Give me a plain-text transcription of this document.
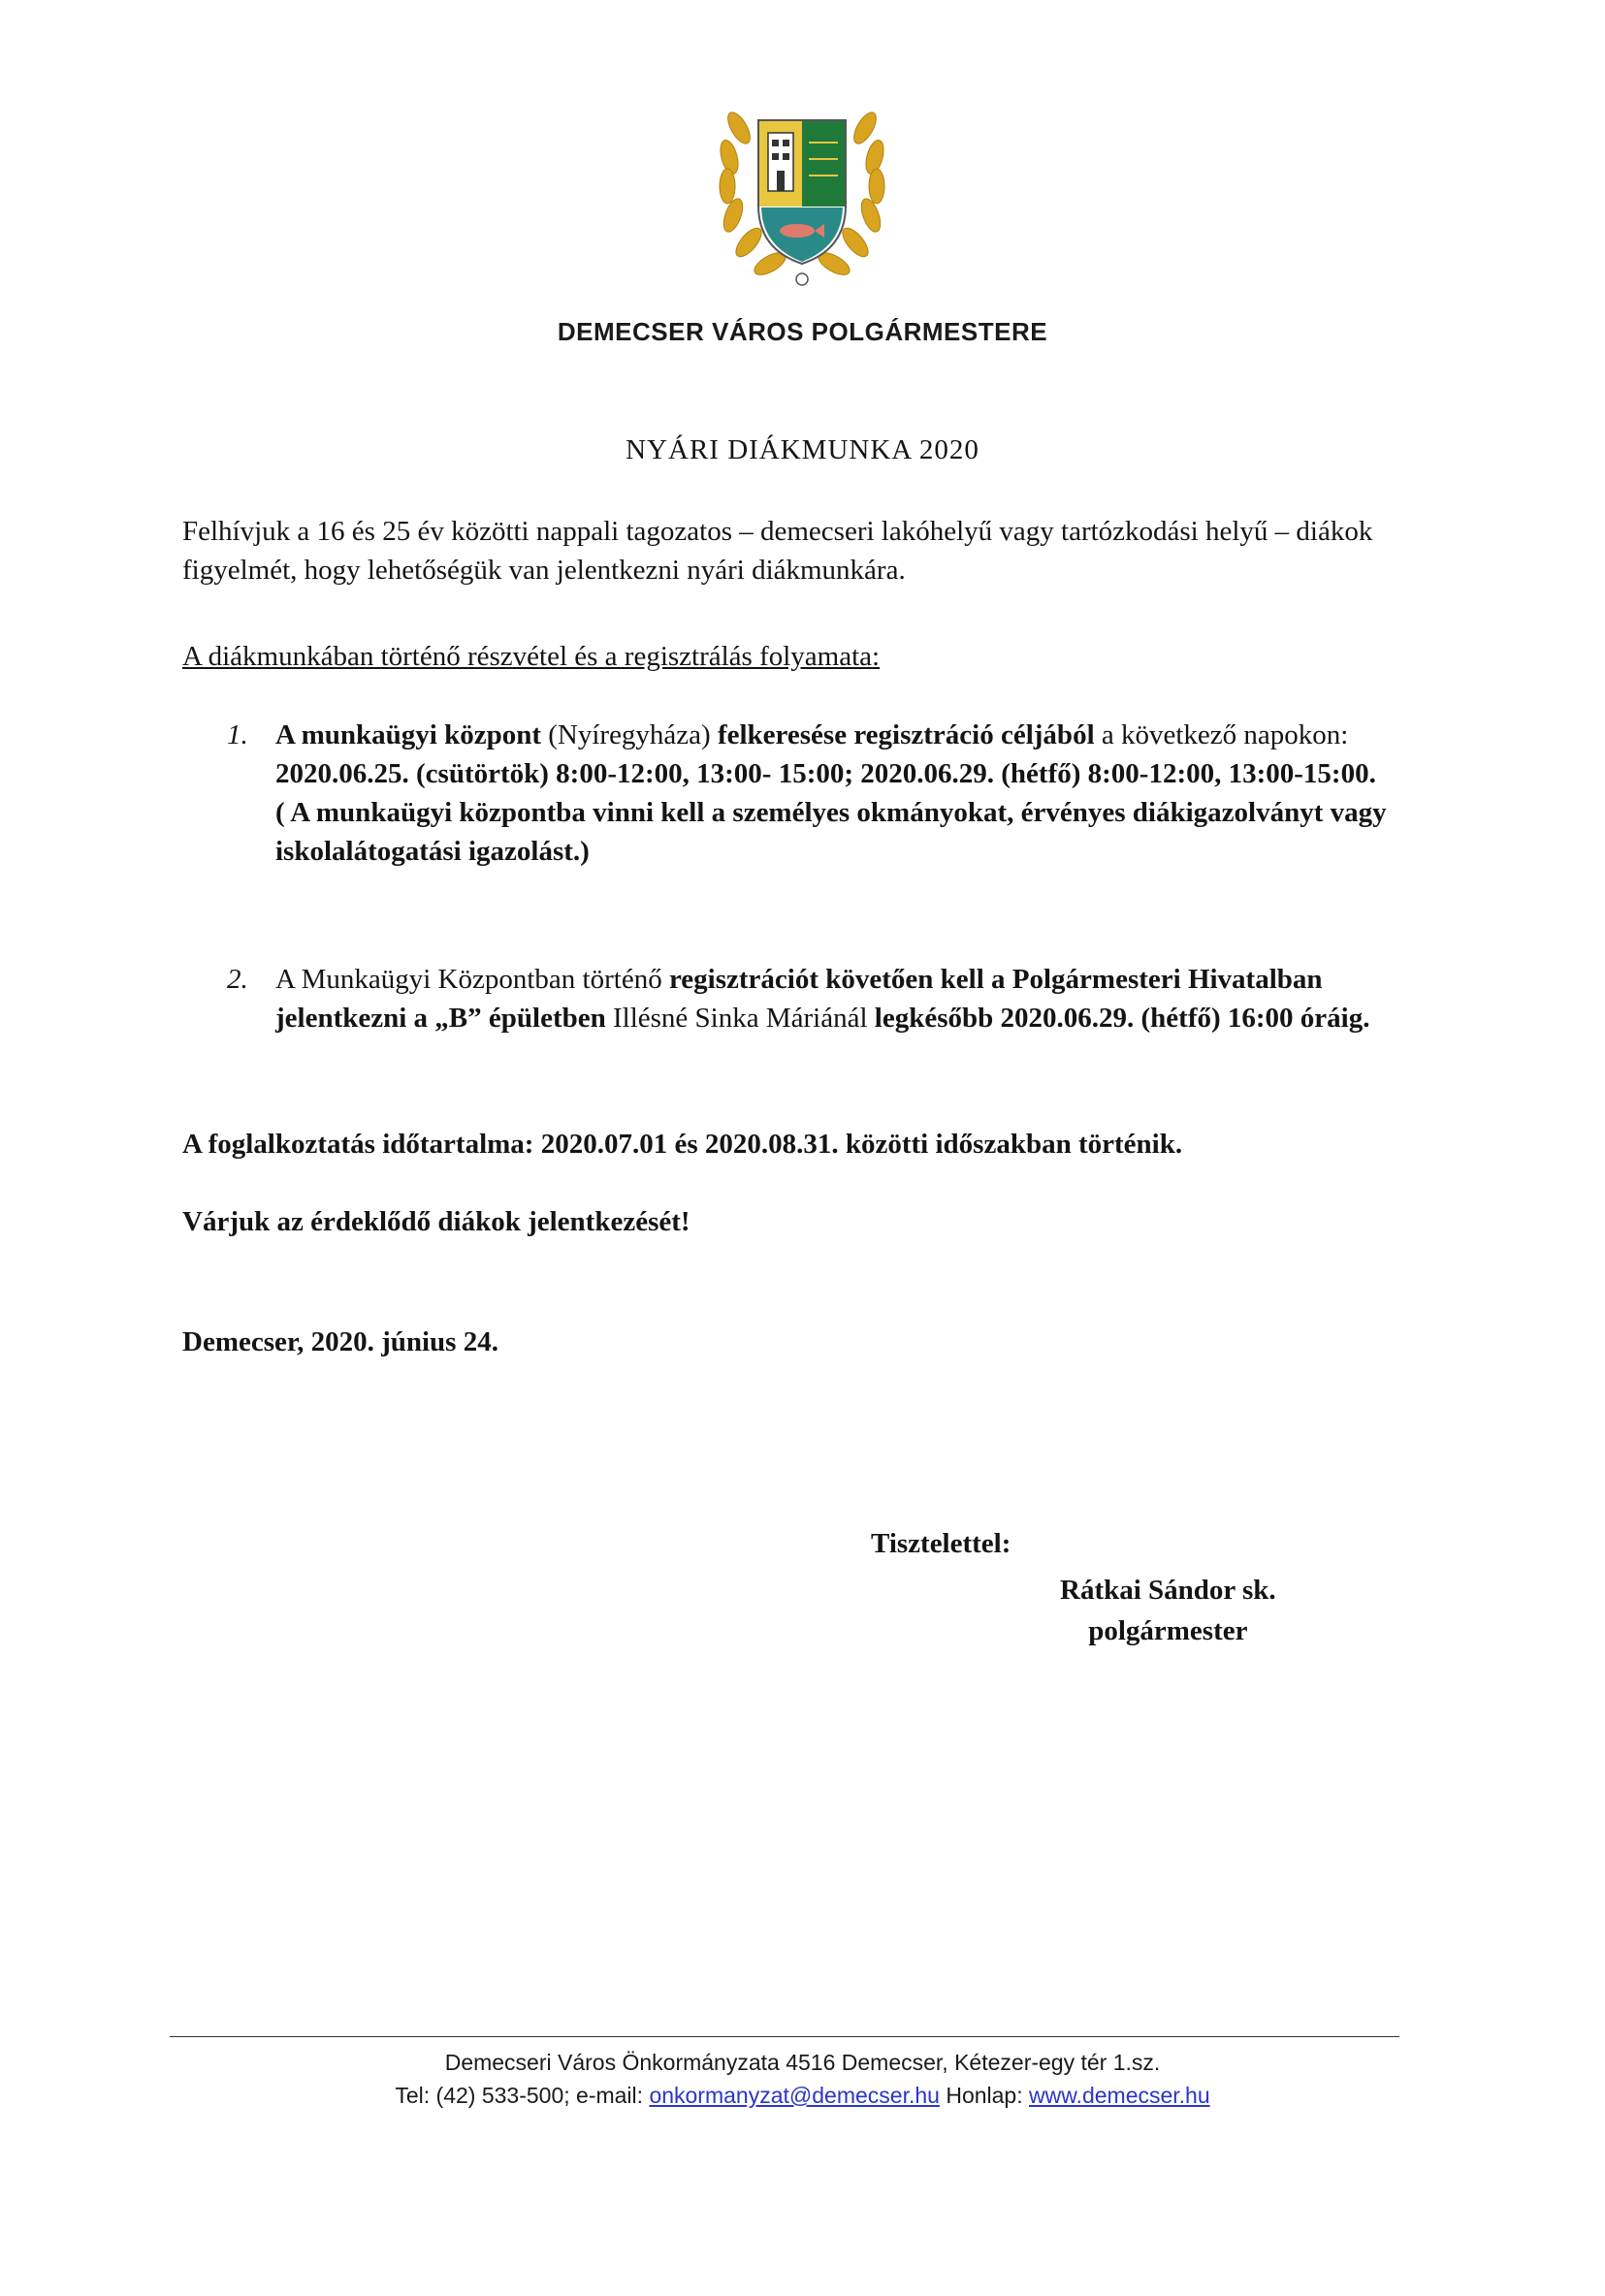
DEMECSER VÁROS POLGÁRMESTERE
NYÁRI DIÁKMUNKA 2020

Felhívjuk a 16 és 25 év közötti nappali tagozatos – demecseri lakóhelyű vagy tartózkodási helyű – diákok figyelmét, hogy lehetőségük van jelentkezni nyári diákmunkára.

A diákmunkában történő részvétel és a regisztrálás folyamata:

1. A munkaügyi központ (Nyíregyháza) felkeresése regisztráció céljából a következő napokon: 2020.06.25. (csütörtök) 8:00-12:00, 13:00- 15:00; 2020.06.29. (hétfő) 8:00-12:00, 13:00-15:00.
( A munkaügyi központba vinni kell a személyes okmányokat, érvényes diákigazolványt vagy iskolalátogatási igazolást.)
2. A Munkaügyi Központban történő regisztrációt követően kell a Polgármesteri Hivatalban jelentkezni a „B” épületben Illésné Sinka Máriánál legkésőbb 2020.06.29. (hétfő) 16:00 óráig.

A foglalkoztatás időtartalma: 2020.07.01 és 2020.08.31. közötti időszakban történik.

Várjuk az érdeklődő diákok jelentkezését!

Demecser, 2020. június 24.

Tisztelettel:
Rátkai Sándor sk.
polgármester
Demecseri Város Önkormányzata 4516 Demecser, Kétezer-egy tér 1.sz.
Tel: (42) 533-500; e-mail: onkormanyzat@demecser.hu Honlap: www.demecser.hu
